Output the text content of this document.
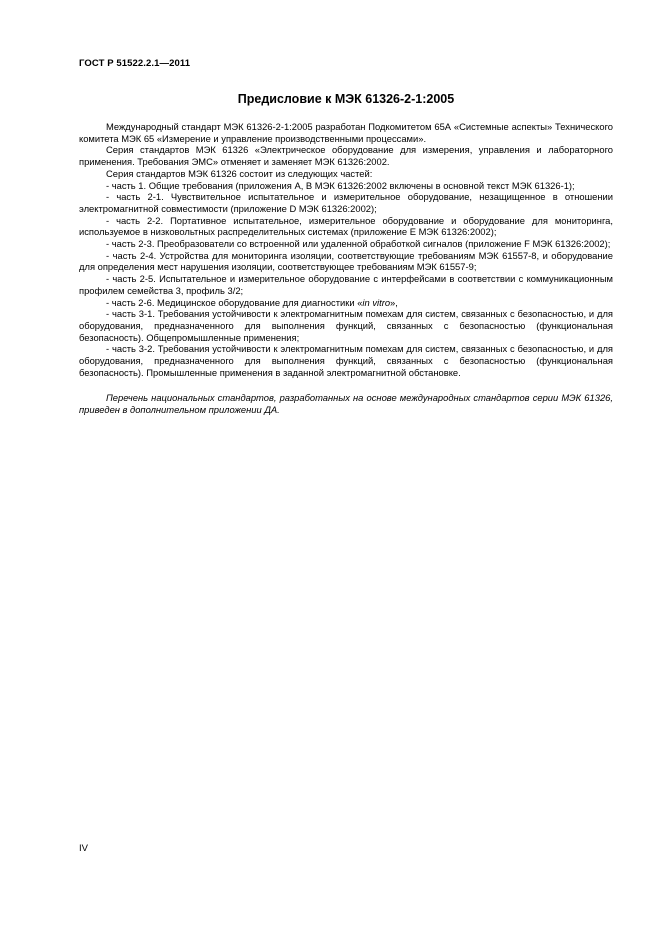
ГОСТ Р 51522.2.1—2011
Предисловие к МЭК 61326-2-1:2005

Международный стандарт МЭК 61326-2-1:2005 разработан Подкомитетом 65А «Системные аспекты» Технического комитета МЭК 65 «Измерение и управление производственными процессами».

Серия стандартов МЭК 61326 «Электрическое оборудование для измерения, управления и лабораторного применения. Требования ЭМС» отменяет и заменяет МЭК 61326:2002.

Серия стандартов МЭК 61326 состоит из следующих частей:

- часть 1. Общие требования (приложения А, В МЭК 61326:2002 включены в основной текст МЭК 61326-1);

- часть 2-1. Чувствительное испытательное и измерительное оборудование, незащищенное в отношении электромагнитной совместимости (приложение D МЭК 61326:2002);

- часть 2-2. Портативное испытательное, измерительное оборудование и оборудование для мониторинга, используемое в низковольтных распределительных системах (приложение Е МЭК 61326:2002);

- часть 2-3. Преобразователи со встроенной или удаленной обработкой сигналов (приложение F МЭК 61326:2002);

- часть 2-4. Устройства для мониторинга изоляции, соответствующие требованиям МЭК 61557-8, и оборудование для определения мест нарушения изоляции, соответствующее требованиям МЭК 61557-9;

- часть 2-5. Испытательное и измерительное оборудование с интерфейсами в соответствии с коммуникационным профилем семейства 3, профиль 3/2;

- часть 2-6. Медицинское оборудование для диагностики «in vitro»,

- часть 3-1. Требования устойчивости к электромагнитным помехам для систем, связанных с безопасностью, и для оборудования, предназначенного для выполнения функций, связанных с безопасностью (функциональная безопасность). Общепромышленные применения;

- часть 3-2. Требования устойчивости к электромагнитным помехам для систем, связанных с безопасностью, и для оборудования, предназначенного для выполнения функций, связанных с безопасностью (функциональная безопасность). Промышленные применения в заданной электромагнитной обстановке.

Перечень национальных стандартов, разработанных на основе международных стандартов серии МЭК 61326, приведен в дополнительном приложении ДА.

IV
